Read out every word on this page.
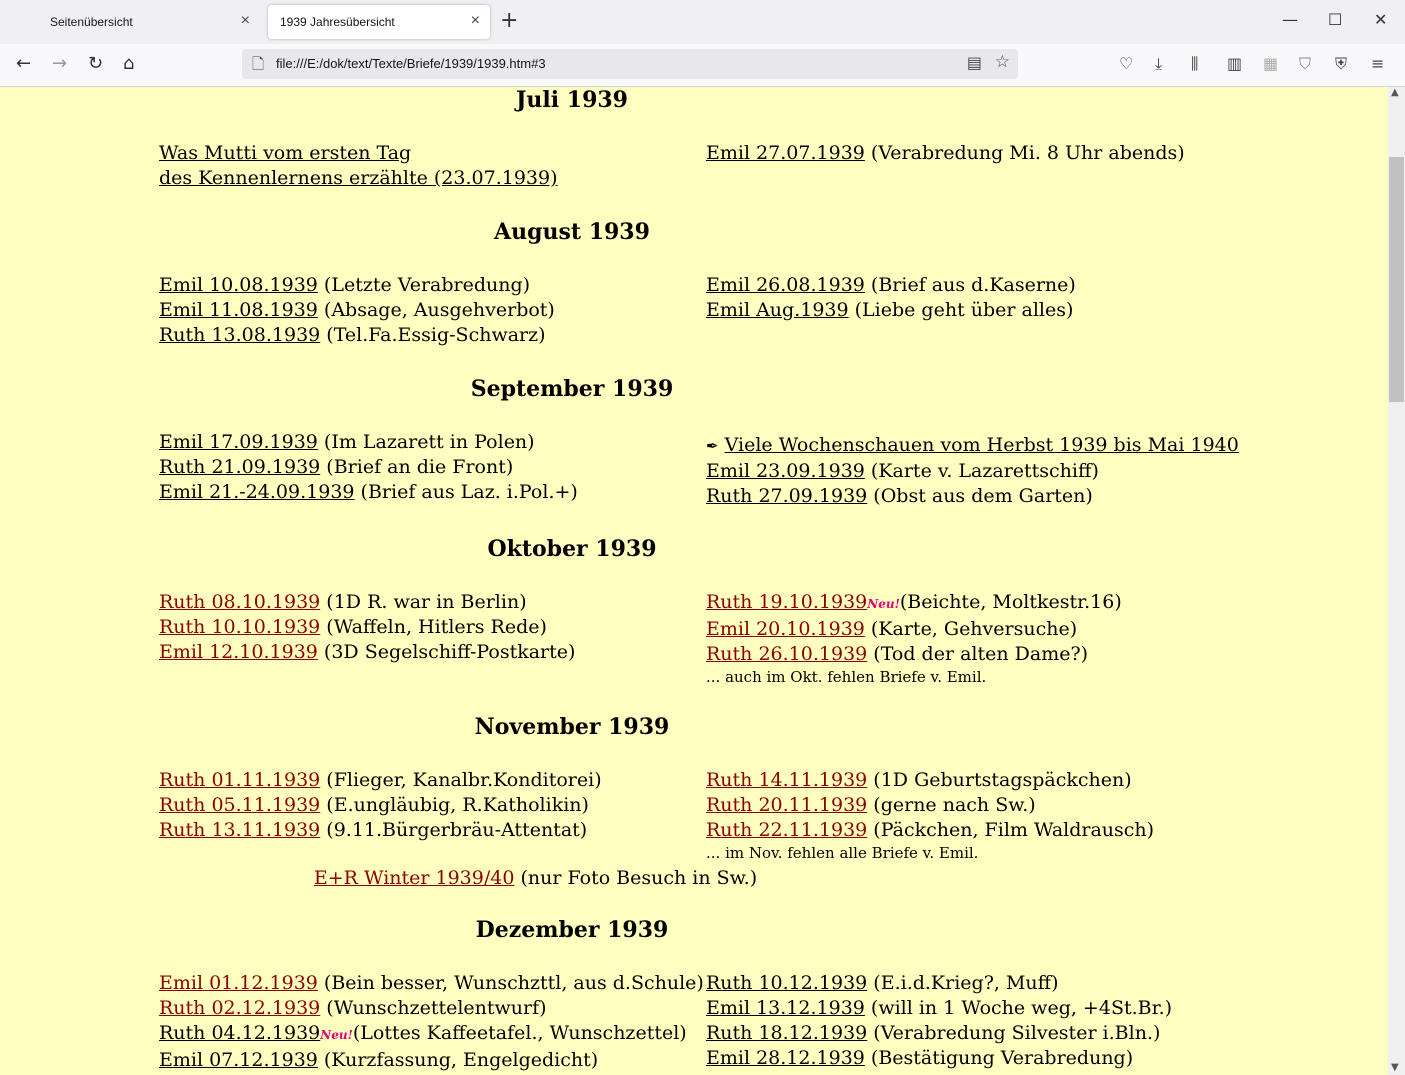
Seitenübersicht	×	1939 Jahresübersicht	× +	— ☐ ✕
← → ↻ ⌂	🗋 file:///E:/dok/text/Texte/Briefe/1939/1939.htm#3	▤ ☆	♡ ⤓ ⫼ ▥ ▦ ⛉ ⛨ ≡
Juli 1939
Was Mutti vom ersten Tag
des Kennenlernens erzählte (23.07.1939)
Emil 27.07.1939 (Verabredung Mi. 8 Uhr abends)
August 1939
Emil 10.08.1939 (Letzte Verabredung)
Emil 11.08.1939 (Absage, Ausgehverbot)
Ruth 13.08.1939 (Tel.Fa.Essig-Schwarz)
Emil 26.08.1939 (Brief aus d.Kaserne)
Emil Aug.1939 (Liebe geht über alles)
September 1939
Emil 17.09.1939 (Im Lazarett in Polen)
Ruth 21.09.1939 (Brief an die Front)
Emil 21.-24.09.1939 (Brief aus Laz. i.Pol.+)
✒ Viele Wochenschauen vom Herbst 1939 bis Mai 1940
Emil 23.09.1939 (Karte v. Lazarettschiff)
Ruth 27.09.1939 (Obst aus dem Garten)
Oktober 1939
Ruth 08.10.1939 (1D R. war in Berlin)
Ruth 10.10.1939 (Waffeln, Hitlers Rede)
Emil 12.10.1939 (3D Segelschiff-Postkarte)
Ruth 19.10.1939Neu!(Beichte, Moltkestr.16)
Emil 20.10.1939 (Karte, Gehversuche)
Ruth 26.10.1939 (Tod der alten Dame?)
... auch im Okt. fehlen Briefe v. Emil.
November 1939
Ruth 01.11.1939 (Flieger, Kanalbr.Konditorei)
Ruth 05.11.1939 (E.ungläubig, R.Katholikin)
Ruth 13.11.1939 (9.11.Bürgerbräu-Attentat)
Ruth 14.11.1939 (1D Geburtstagspäckchen)
Ruth 20.11.1939 (gerne nach Sw.)
Ruth 22.11.1939 (Päckchen, Film Waldrausch)
... im Nov. fehlen alle Briefe v. Emil.
E+R Winter 1939/40 (nur Foto Besuch in Sw.)
Dezember 1939
Emil 01.12.1939 (Bein besser, Wunschzttl, aus d.Schule)
Ruth 02.12.1939 (Wunschzettelentwurf)
Ruth 04.12.1939Neu!(Lottes Kaffeetafel., Wunschzettel)
Emil 07.12.1939 (Kurzfassung, Engelgedicht)
Ruth 10.12.1939 (E.i.d.Krieg?, Muff)
Emil 13.12.1939 (will in 1 Woche weg, +4St.Br.)
Ruth 18.12.1939 (Verabredung Silvester i.Bln.)
Emil 28.12.1939 (Bestätigung Verabredung)
▲
▼
